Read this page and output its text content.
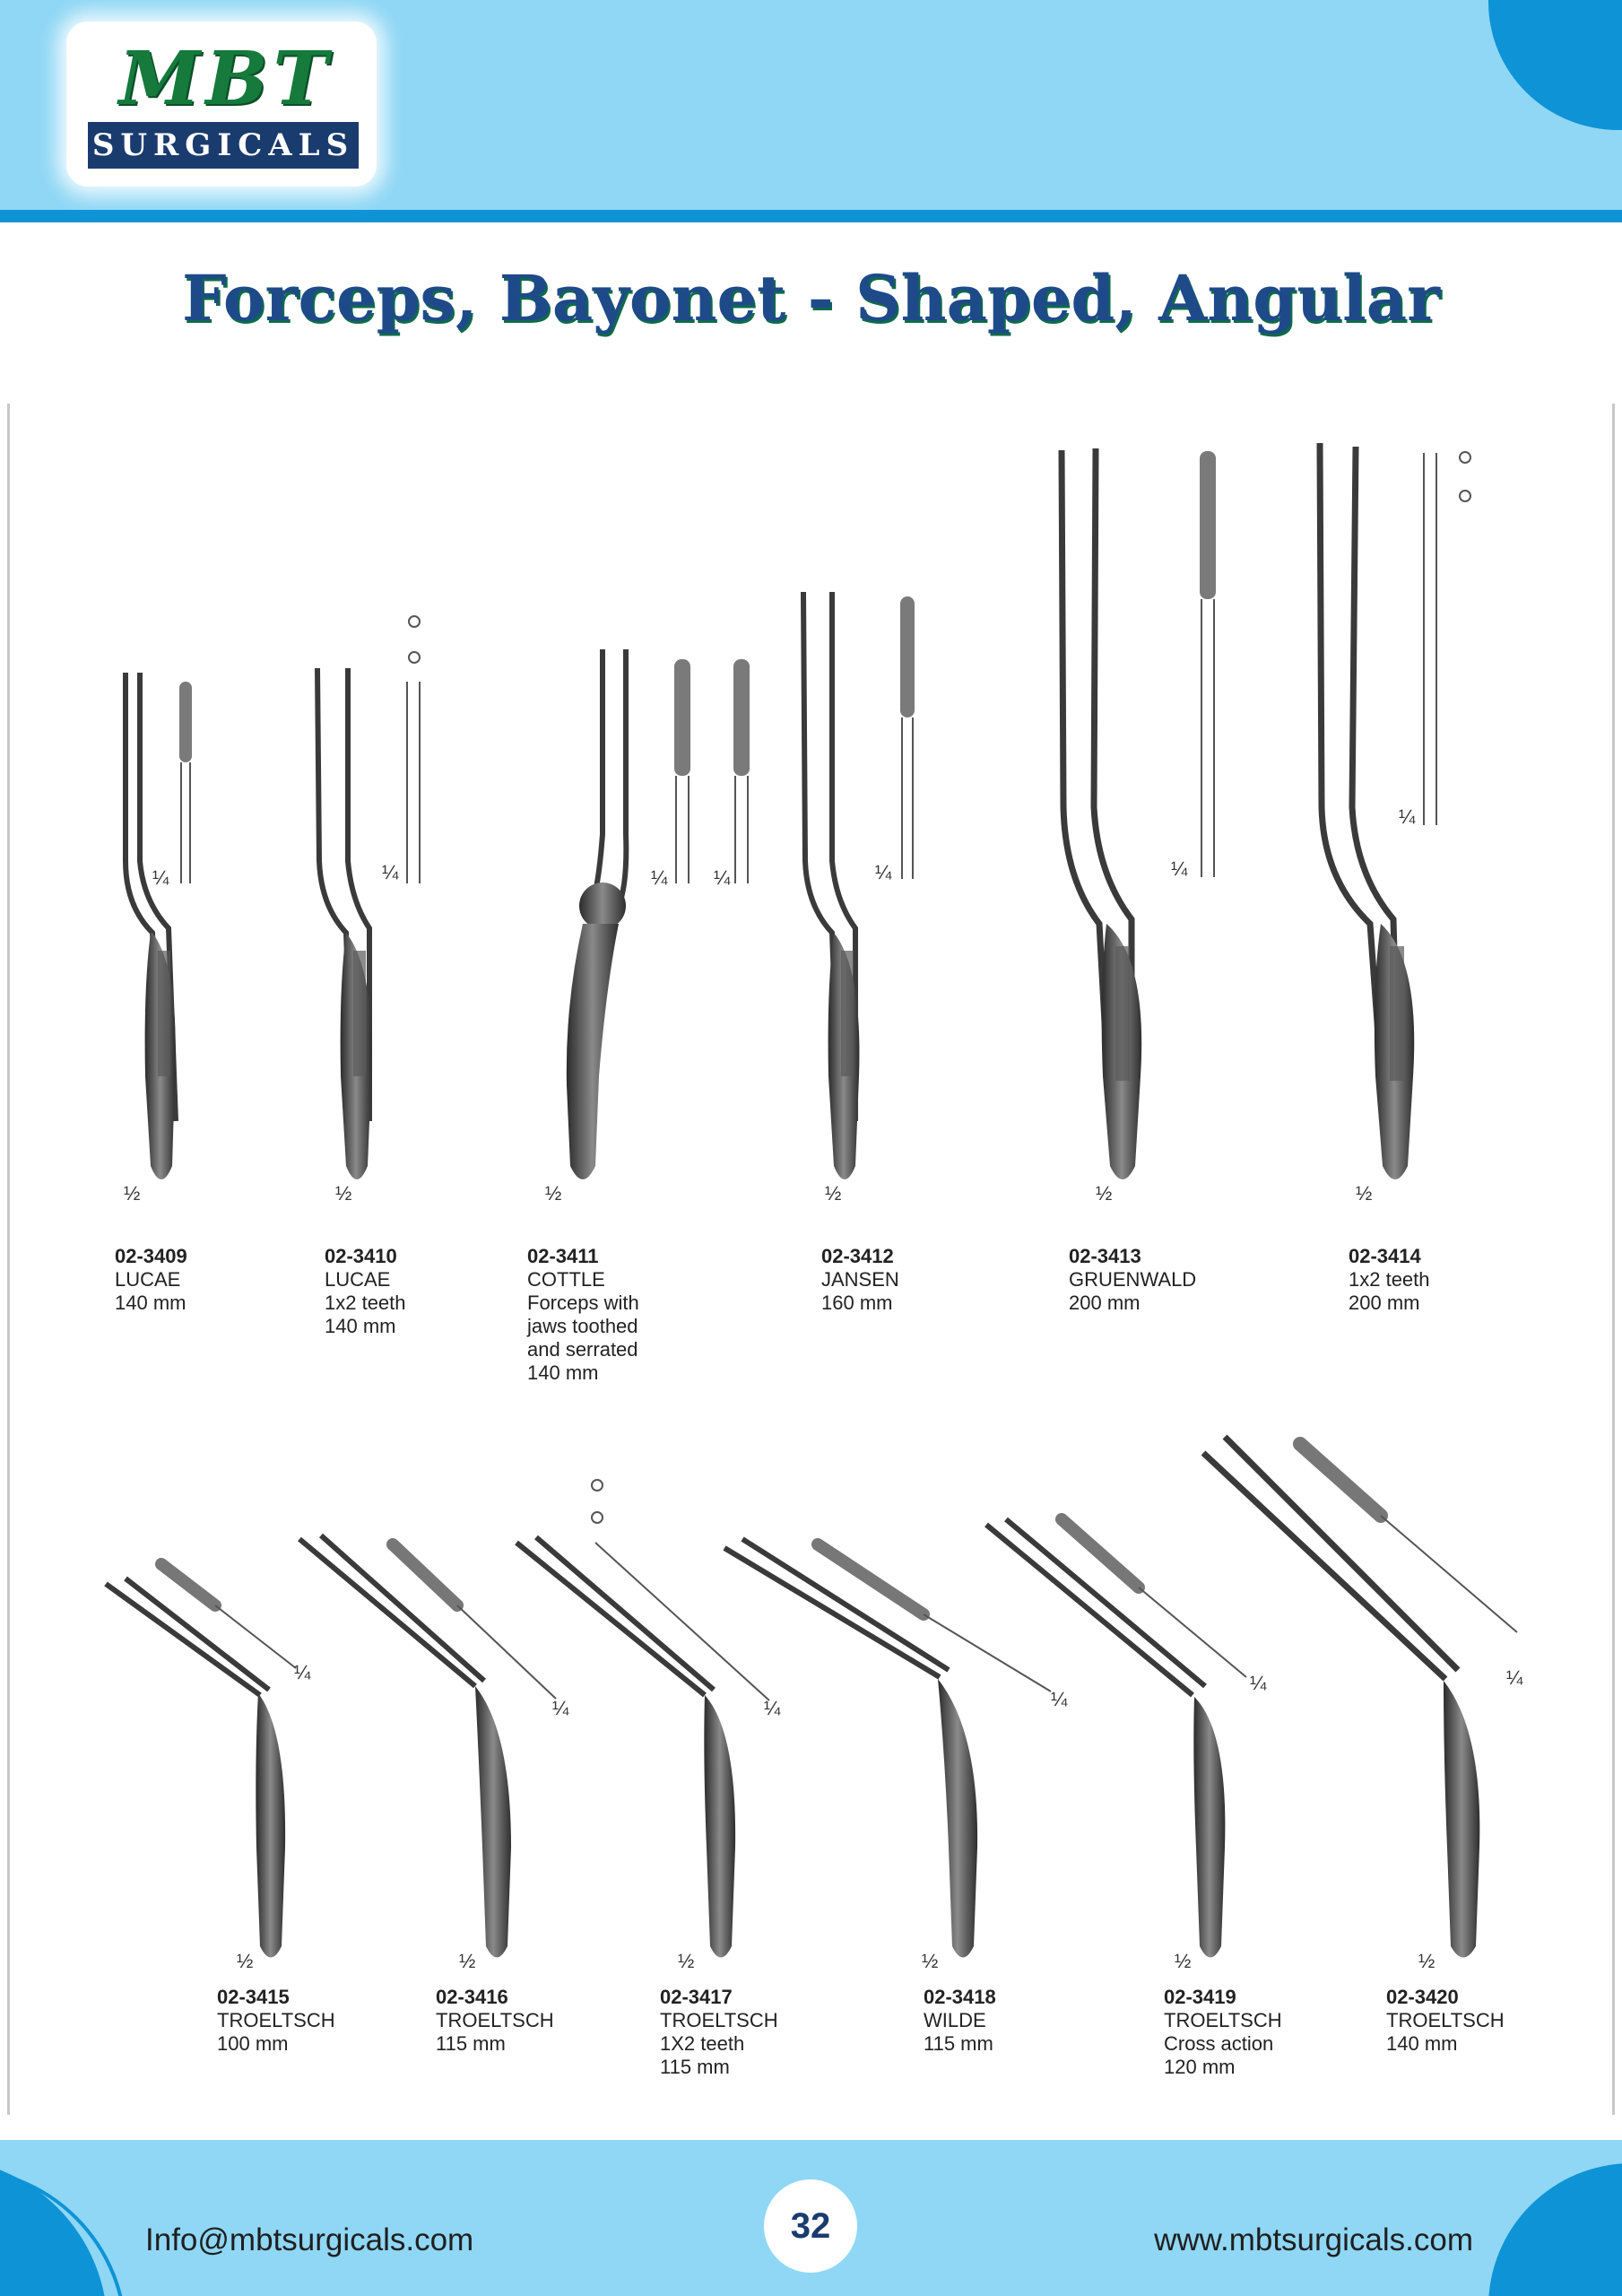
MBT
SURGICALS
Forceps, Bayonet - Shaped, Angular
¼
½
¼
½
¼ ¼
½
¼
½
¼
½
¼
½
02-3409
LUCAE
140 mm
02-3410
LUCAE
1x2 teeth
140 mm
02-3411
COTTLE
Forceps with
jaws toothed
and serrated
140 mm
02-3412
JANSEN
160 mm
02-3413
GRUENWALD
200 mm
02-3414
1x2 teeth
200 mm
¼
½
¼
½
¼
½
¼
½
¼
½
¼
½
02-3415
TROELTSCH
100 mm
02-3416
TROELTSCH
115 mm
02-3417
TROELTSCH
1X2 teeth
115 mm
02-3418
WILDE
115 mm
02-3419
TROELTSCH
Cross action
120 mm
02-3420
TROELTSCH
140 mm
Info@mbtsurgicals.com	32	www.mbtsurgicals.com
